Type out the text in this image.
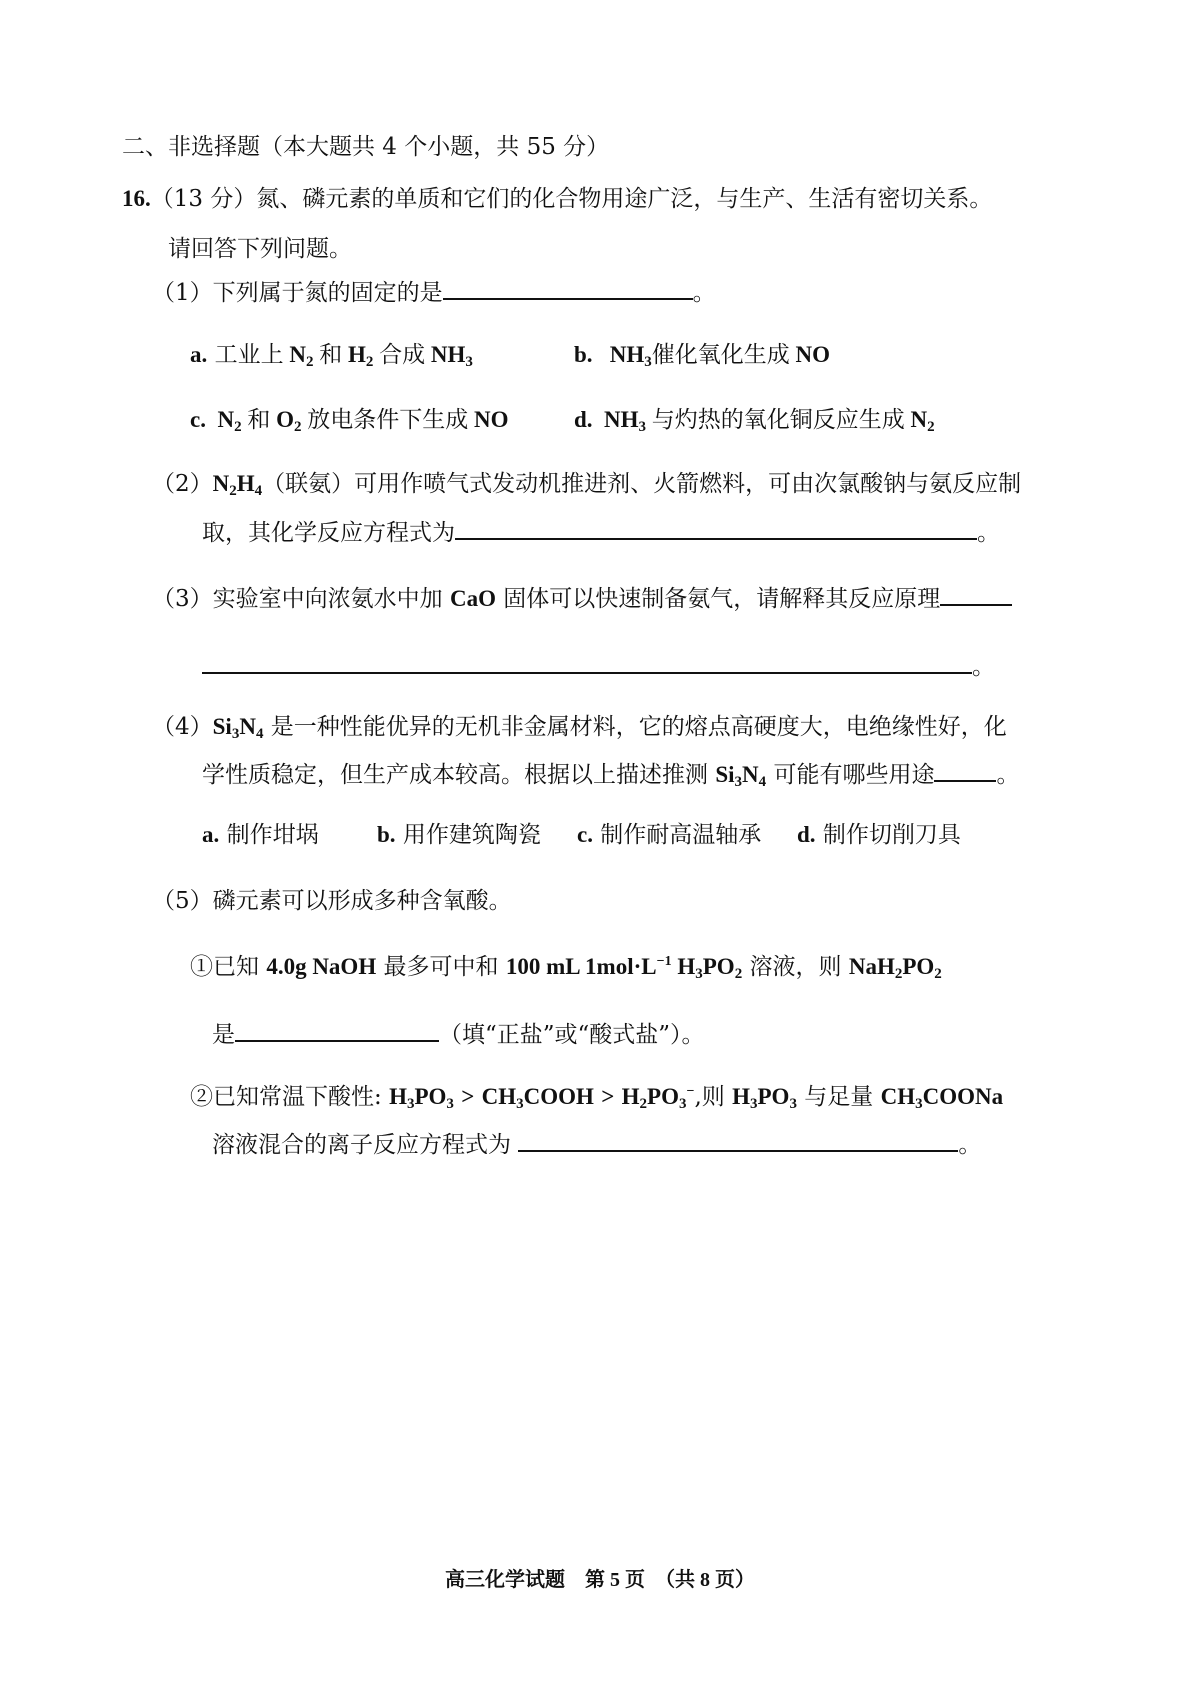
二、非选择题（本大题共 4 个小题，共 55 分）
16.（13 分）氮、磷元素的单质和它们的化合物用途广泛，与生产、生活有密切关系。
请回答下列问题。
（1）下列属于氮的固定的是	。
a. 工业上 $N_2$ 和 $H_2$ 合成 $NH_3$	b.   $NH_3$催化氧化生成 NO
c.  $N_2$ 和 $O_2$ 放电条件下生成 NO	d.  $NH_3$ 与灼热的氧化铜反应生成 $N_2$
$(2)N_2H_4$（联氨）可用作喷气式发动机推进剂、火箭燃料，可由次氯酸钠与氨反应制
取，其化学反应方程式为	。
（3）实验室中向浓氨水中加 CaO 固体可以快速制备氨气，请解释其反应原理
。
$(4)Si_3N_4$ 是一种性能优异的无机非金属材料，它的熔点高硬度大，电绝缘性好，化
学性质稳定，但生产成本较高。根据以上描述推测 $Si_3N_4$ 可能有哪些用途	。
a. 制作坩埚	b. 用作建筑陶瓷 c. 制作耐高温轴承 d. 制作切削刀具
（5）磷元素可以形成多种含氧酸。
①已知 4.0g NaOH 最多可中和 100 mL $1mol\cdot L^{-1}$ $H_3PO_2$ 溶液，则 $NaH_2PO_2$
是	（填“正盐”或“酸式盐”）。
②已知常温下酸性: $H_3PO_3$ > $CH_3COOH > H_2PO_3^-$,则 $H_3PO_3$ 与足量 $CH_3COONa$
溶液混合的离子反应方程式为	。
高三化学试题　第 5 页　（共 8 页）
